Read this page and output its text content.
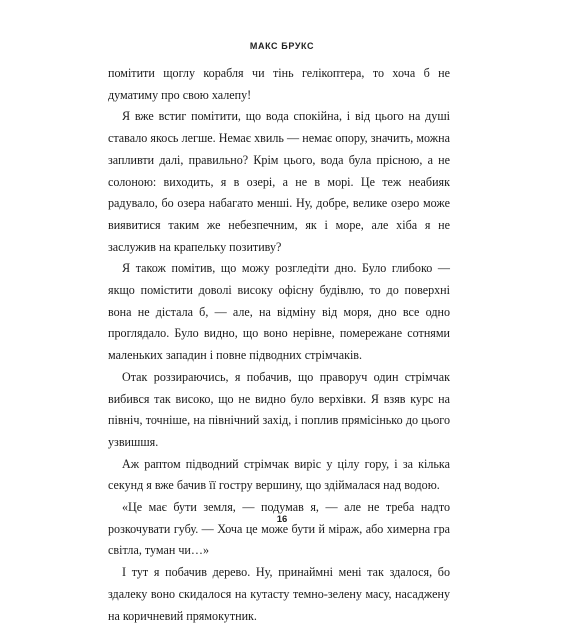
МАКС БРУКС

помітити щоглу корабля чи тінь гелікоптера, то хоча б не думатиму про свою халепу!

Я вже встиг помітити, що вода спокійна, і від цього на душі ставало якось легше. Немає хвиль — немає опору, значить, можна запливти далі, правильно? Крім цього, вода була прісною, а не солоною: виходить, я в озері, а не в морі. Це теж неабияк радувало, бо озера набагато менші. Ну, добре, велике озеро може виявитися таким же небезпечним, як і море, але хіба я не заслужив на крапельку позитиву?

Я також помітив, що можу розгледіти дно. Було глибоко — якщо помістити доволі високу офісну будівлю, то до поверхні вона не дістала б, — але, на відміну від моря, дно все одно проглядало. Було видно, що воно нерівне, помережане сотнями маленьких западин і повне підводних стрімчаків.

Отак роззираючись, я побачив, що праворуч один стрімчак вибився так високо, що не видно було верхівки. Я взяв курс на північ, точніше, на північний захід, і поплив прямісінько до цього узвишшя.

Аж раптом підводний стрімчак виріс у цілу гору, і за кілька секунд я вже бачив її гостру вершину, що здіймалася над водою.

«Це має бути земля, — подумав я, — але не треба надто розкочувати губу. — Хоча це може бути й міраж, або химерна гра світла, туман чи…»

І тут я побачив дерево. Ну, принаймні мені так здалося, бо здалеку воно скидалося на кутасту темно-зелену масу, насаджену на коричневий прямокутник.

16
